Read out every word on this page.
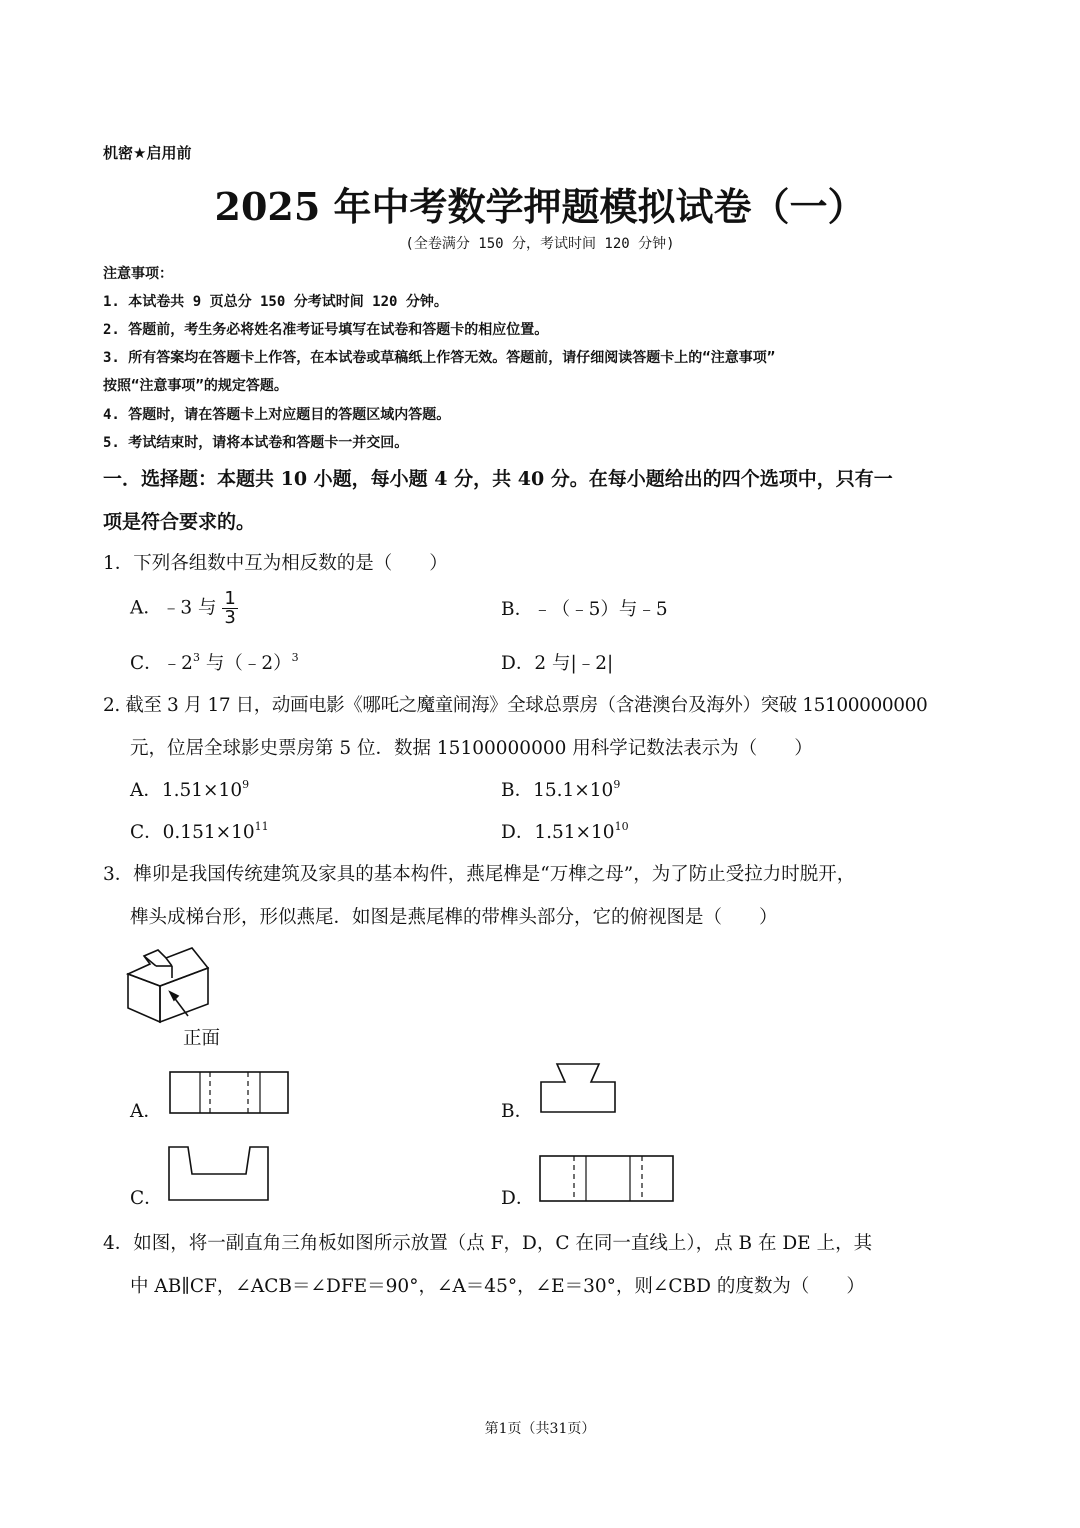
机密★启用前
2025 年中考数学押题模拟试卷（一）
(全卷满分 150 分，考试时间 120 分钟)
注意事项：
1. 本试卷共 9 页总分 150 分考试时间 120 分钟。
2. 答题前，考生务必将姓名准考证号填写在试卷和答题卡的相应位置。
3. 所有答案均在答题卡上作答，在本试卷或草稿纸上作答无效。答题前，请仔细阅读答题卡上的“注意事项”
按照“注意事项”的规定答题。
4. 答题时，请在答题卡上对应题目的答题区域内答题。
5. 考试结束时，请将本试卷和答题卡一并交回。
一．选择题：本题共 10 小题，每小题 4 分，共 40 分。在每小题给出的四个选项中，只有一
项是符合要求的。
1．下列各组数中互为相反数的是（　　）
A．﹣3 与 $\frac{1}{3}$	B．﹣（﹣5）与﹣5
C．$﹣2^3$ 与（﹣2）$^3$	D．2 与|﹣2|
2. 截至 3 月 17 日，动画电影《哪吒之魔童闹海》全球总票房（含港澳台及海外）突破 15100000000
元，位居全球影史票房第 5 位．数据 15100000000 用科学记数法表示为（　　）
A．$1.51\times 10^9$	B．$15.1\times 10^9$
C．$0.151\times 10^{11}$	D．$1.51\times 10^{10}$
3．榫卯是我国传统建筑及家具的基本构件，燕尾榫是“万榫之母”，为了防止受拉力时脱开，
榫头成梯台形，形似燕尾．如图是燕尾榫的带榫头部分，它的俯视图是（　　）
正面
A．	B．
C．	D．
4．如图，将一副直角三角板如图所示放置（点 F，D，C 在同一直线上），点 B 在 DE 上，其
中 AB∥CF，∠ACB＝∠DFE＝90°，∠A＝45°，∠E＝30°，则∠CBD 的度数为（　　）
第1页（共31页）
